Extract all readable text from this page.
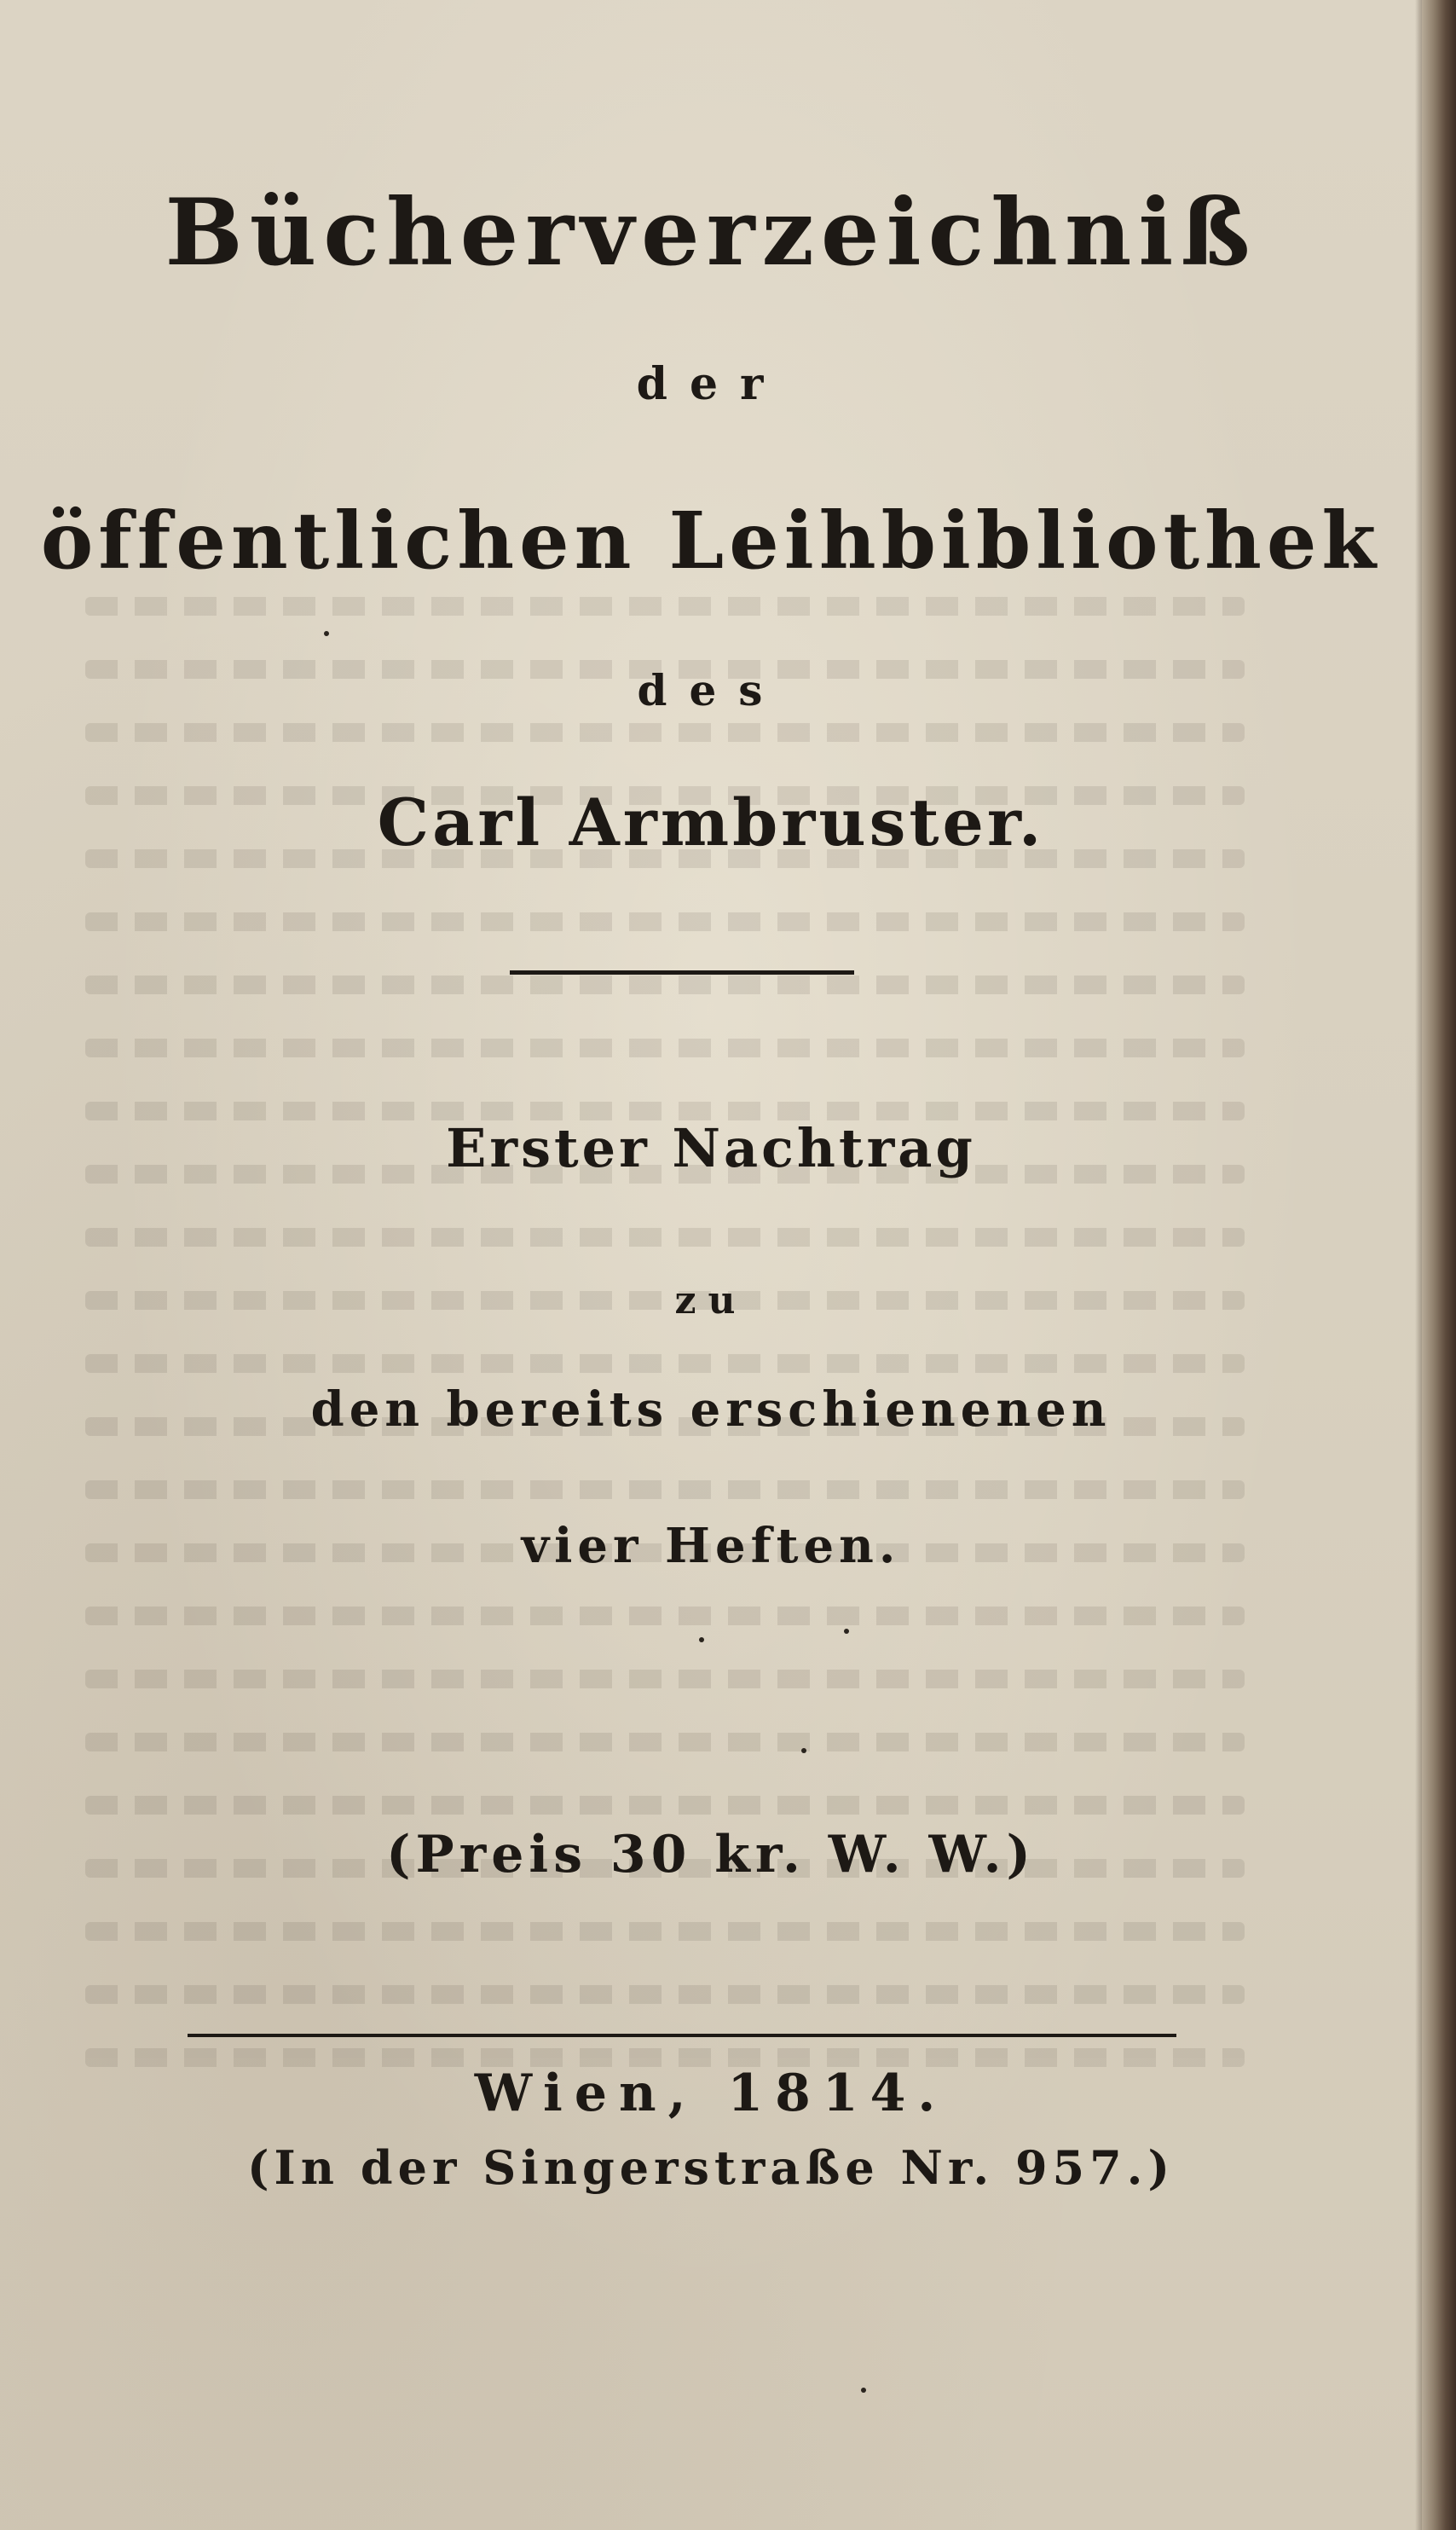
Bücherverzeichniß
der
öffentlichen Leihbibliothek
des
Carl Armbruster.
Erster Nachtrag
zu
den bereits erschienenen
vier Heften.
(Preis 30 kr. W. W.)
Wien, 1814.
(In der Singerstraße Nr. 957.)
